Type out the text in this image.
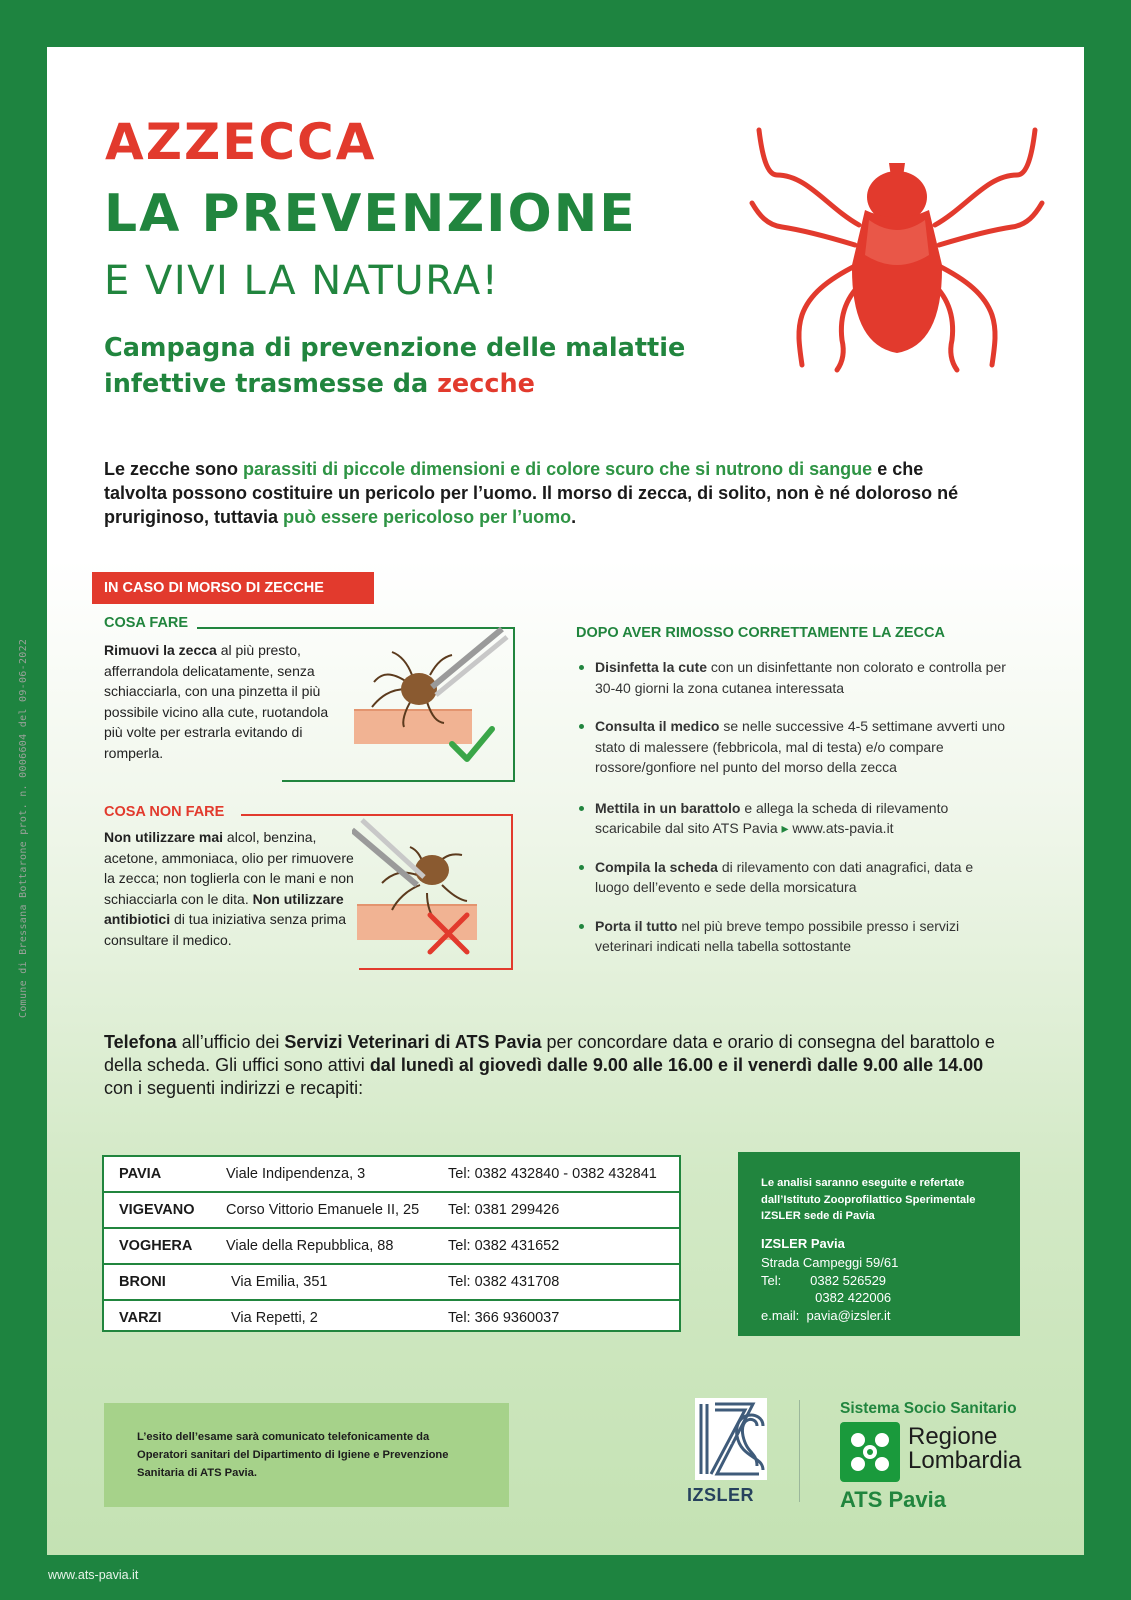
Comune di Bressana Bottarone prot. n. 0006604 del 09-06-2022
AZZECCA
LA PREVENZIONE
E VIVI LA NATURA!
Campagna di prevenzione delle malattie
infettive trasmesse da zecche
Le zecche sono parassiti di piccole dimensioni e di colore scuro che si nutrono di sangue e che talvolta possono costituire un pericolo per l’uomo. Il morso di zecca, di solito, non è né doloroso né pruriginoso, tuttavia può essere pericoloso per l’uomo.
IN CASO DI MORSO DI ZECCHE
COSA FARE
Rimuovi la zecca al più presto, afferrandola delicatamente, senza schiacciarla, con una pinzetta il più possibile vicino alla cute, ruotandola più volte per estrarla evitando di romperla.
COSA NON FARE
Non utilizzare mai alcol, benzina, acetone, ammoniaca, olio per rimuovere la zecca; non toglierla con le mani e non schiacciarla con le dita. Non utilizzare antibiotici di tua iniziativa senza prima consultare il medico.
DOPO AVER RIMOSSO CORRETTAMENTE LA ZECCA
Disinfetta la cute con un disinfettante non colorato e controlla per 30-40 giorni la zona cutanea interessata
Consulta il medico se nelle successive 4-5 settimane avverti uno stato di malessere (febbricola, mal di testa) e/o compare rossore/gonfiore nel punto del morso della zecca
Mettila in un barattolo e allega la scheda di rilevamento scaricabile dal sito ATS Pavia ▸ www.ats-pavia.it
Compila la scheda di rilevamento con dati anagrafici, data e luogo dell’evento e sede della morsicatura
Porta il tutto nel più breve tempo possibile presso i servizi veterinari indicati nella tabella sottostante
Telefona all’ufficio dei Servizi Veterinari di ATS Pavia per concordare data e orario di consegna del barattolo e della scheda. Gli uffici sono attivi dal lunedì al giovedì dalle 9.00 alle 16.00 e il venerdì dalle 9.00 alle 14.00 con i seguenti indirizzi e recapiti:
PAVIA	Viale Indipendenza, 3	Tel: 0382 432840 - 0382 432841
VIGEVANO Corso Vittorio Emanuele II, 25 Tel: 0381 299426
VOGHERA Viale della Repubblica, 88	Tel: 0382 431652
BRONI	Via Emilia, 351	Tel: 0382 431708
VARZI	Via Repetti, 2	Tel: 366 9360037
Le analisi saranno eseguite e refertate dall’Istituto Zooprofilattico Sperimentale IZSLER sede di Pavia
IZSLER Pavia
Strada Campeggi 59/61
Tel:        0382 526529
0382 422006
e.mail:  pavia@izsler.it
L’esito dell’esame sarà comunicato telefonicamente da Operatori sanitari del Dipartimento di Igiene e Prevenzione Sanitaria di ATS Pavia.
IZS
IZSLER
Sistema Socio Sanitario
Regione
Lombardia
ATS Pavia
www.ats-pavia.it
